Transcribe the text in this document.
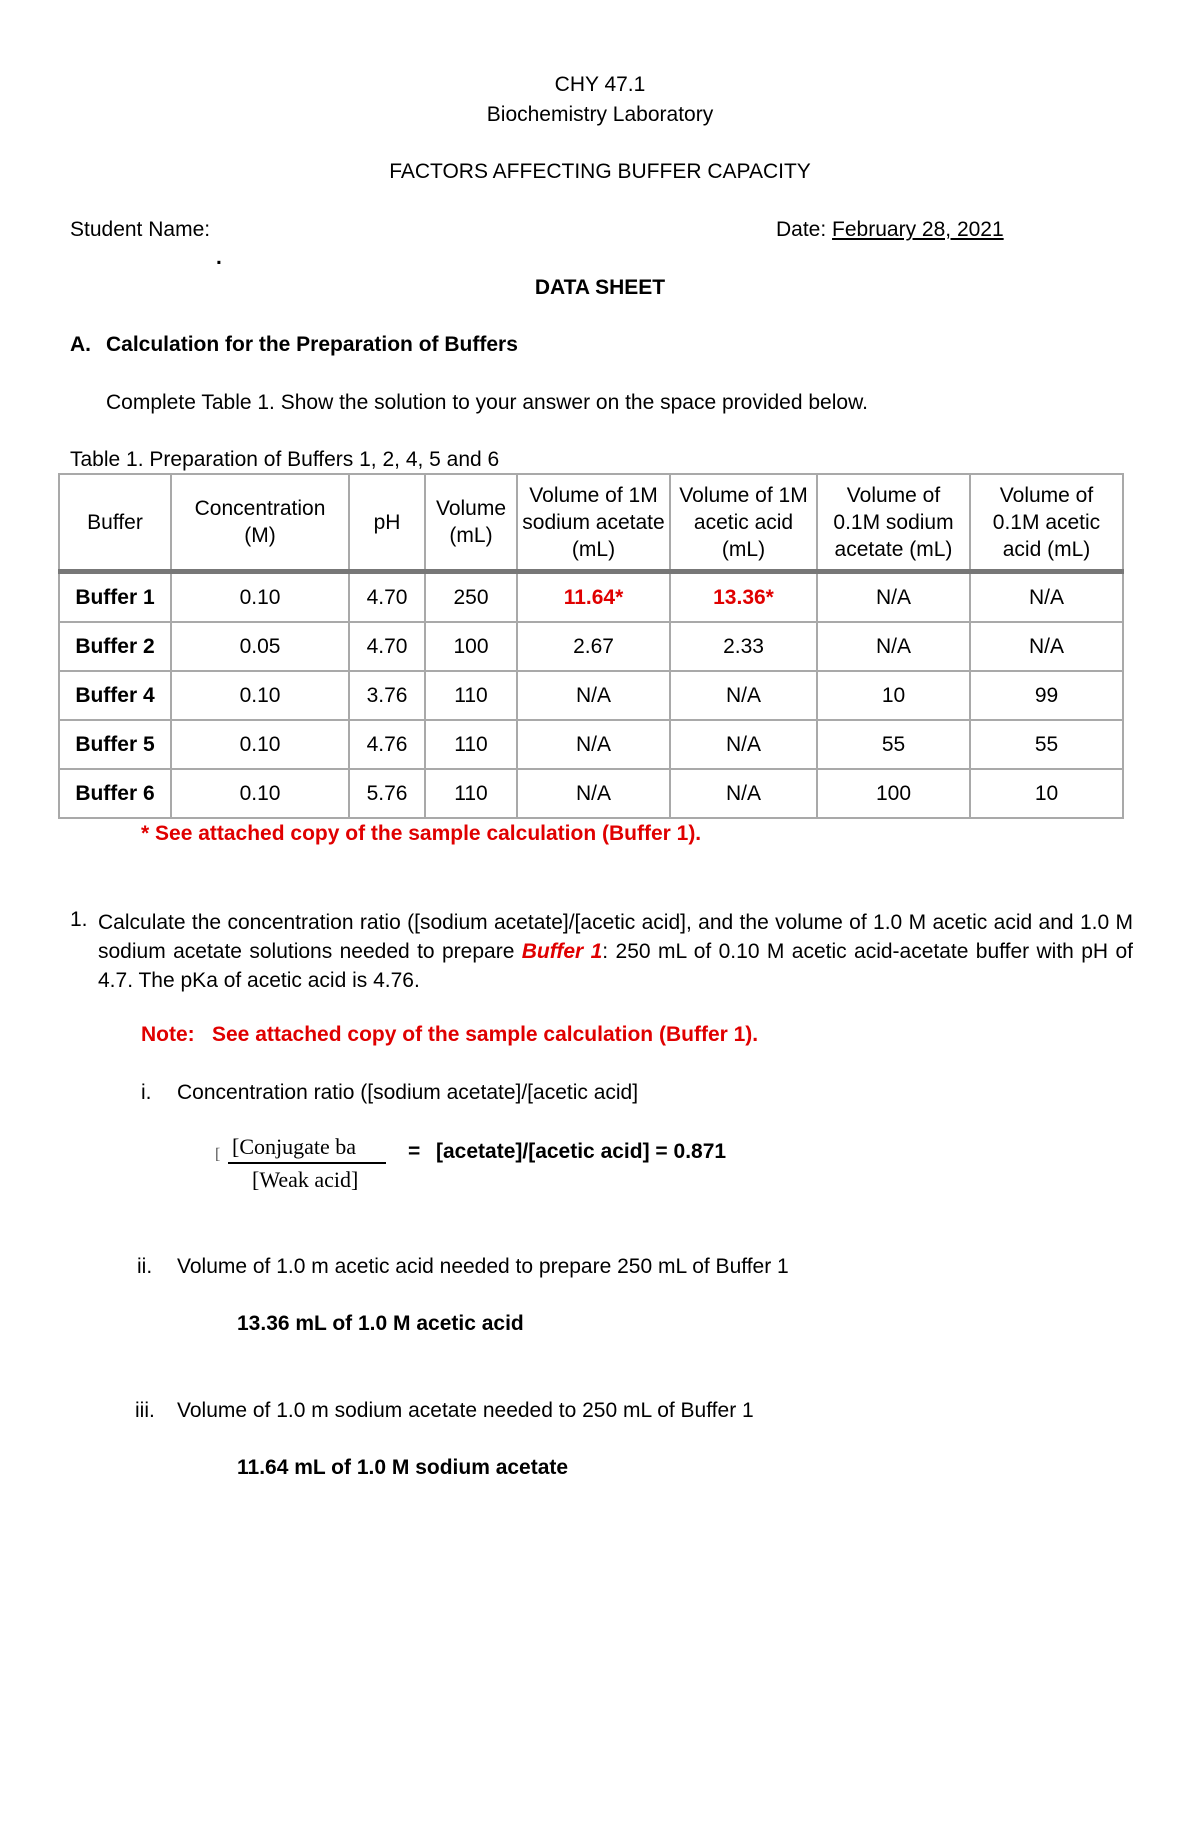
CHY 47.1
Biochemistry Laboratory
FACTORS AFFECTING BUFFER CAPACITY
Student Name:
.
Date: February 28, 2021
DATA SHEET
A. Calculation for the Preparation of Buffers
Complete Table 1. Show the solution to your answer on the space provided below.
Table 1. Preparation of Buffers 1, 2, 4, 5 and 6
Buffer	Concentration (M)	pH	Volume (mL)	Volume of 1M sodium acetate (mL)	Volume of 1M acetic acid (mL)	Volume of 0.1M sodium acetate (mL)	Volume of 0.1M acetic acid (mL)
Buffer 1	0.10	4.70	250	11.64*	13.36*	N/A	N/A
Buffer 2	0.05	4.70	100	2.67	2.33	N/A	N/A
Buffer 4	0.10	3.76	110	N/A	N/A	10	99
Buffer 5	0.10	4.76	110	N/A	N/A	55	55
Buffer 6	0.10	5.76	110	N/A	N/A	100	10
* See attached copy of the sample calculation (Buffer 1).
1. Calculate the concentration ratio ([sodium acetate]/[acetic acid], and the volume of 1.0 M acetic acid and 1.0 M sodium acetate solutions needed to prepare Buffer 1: 250 mL of 0.10 M acetic acid-acetate buffer with pH of 4.7. The pKa of acetic acid is 4.76.
Note: See attached copy of the sample calculation (Buffer 1).
i. Concentration ratio ([sodium acetate]/[acetic acid]
[ [Conjugate ba
[Weak acid]
= [acetate]/[acetic acid] = 0.871
ii. Volume of 1.0 m acetic acid needed to prepare 250 mL of Buffer 1
13.36 mL of 1.0 M acetic acid
iii. Volume of 1.0 m sodium acetate needed to 250 mL of Buffer 1
11.64 mL of 1.0 M sodium acetate
